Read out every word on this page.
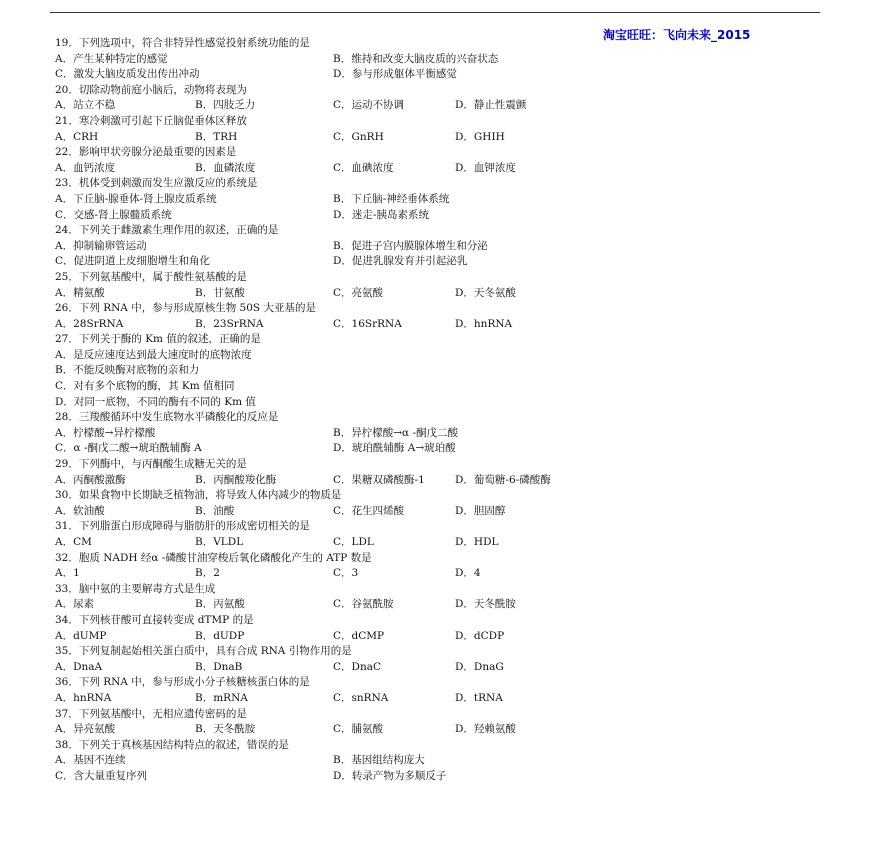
淘宝旺旺：飞向未来_2015
19．下列选项中，符合非特异性感觉投射系统功能的是
A．产生某种特定的感觉	B．维持和改变大脑皮质的兴奋状态
C．激发大脑皮质发出传出冲动	D．参与形成躯体平衡感觉
20．切除动物前庭小脑后，动物将表现为
A．站立不稳	B．四肢乏力	C．运动不协调	D．静止性震颤
21．寒冷刺激可引起下丘脑促垂体区释放
A．CRH	B．TRH	C．GnRH	D．GHIH
22．影响甲状旁腺分泌最重要的因素是
A．血钙浓度	B．血磷浓度	C．血碘浓度	D．血钾浓度
23．机体受到刺激而发生应激反应的系统是
A．下丘脑-腺垂体-肾上腺皮质系统	B．下丘脑-神经垂体系统
C．交感-肾上腺髓质系统	D．迷走-胰岛素系统
24．下列关于雌激素生理作用的叙述，正确的是
A．抑制输卵管运动	B．促进子宫内膜腺体增生和分泌
C．促进阴道上皮细胞增生和角化	D．促进乳腺发育并引起泌乳
25．下列氨基酸中，属于酸性氨基酸的是
A．精氨酸	B．甘氨酸	C．亮氨酸	D．天冬氨酸
26．下列 RNA 中，参与形成原核生物 50S 大亚基的是
A．28SrRNA	B．23SrRNA	C．16SrRNA	D．hnRNA
27．下列关于酶的 Km 值的叙述，正确的是
A．是反应速度达到最大速度时的底物浓度
B．不能反映酶对底物的亲和力
C．对有多个底物的酶，其 Km 值相同
D．对同一底物，不同的酶有不同的 Km 值
28．三羧酸循环中发生底物水平磷酸化的反应是
A．柠檬酸→异柠檬酸	B．异柠檬酸→α -酮戊二酸
C．α -酮戊二酸→琥珀酰辅酶 A	D．琥珀酰辅酶 A→琥珀酸
29．下列酶中，与丙酮酸生成糖无关的是
A．丙酮酸激酶	B．丙酮酸羧化酶	C．果糖双磷酸酶-1	D．葡萄糖-6-磷酸酶
30．如果食物中长期缺乏植物油，将导致人体内减少的物质是
A．软油酸	B．油酸	C．花生四烯酸	D．胆固醇
31．下列脂蛋白形成障碍与脂肪肝的形成密切相关的是
A．CM	B．VLDL	C．LDL	D．HDL
32．胞质 NADH 经α -磷酸甘油穿梭后氧化磷酸化产生的 ATP 数是
A．1	B．2	C．3	D．4
33．脑中氨的主要解毒方式是生成
A．尿素	B．丙氨酸	C．谷氨酰胺	D．天冬酰胺
34．下列核苷酸可直接转变成 dTMP 的是
A．dUMP	B．dUDP	C．dCMP	D．dCDP
35．下列复制起始相关蛋白质中，具有合成 RNA 引物作用的是
A．DnaA	B．DnaB	C．DnaC	D．DnaG
36．下列 RNA 中，参与形成小分子核糖核蛋白体的是
A．hnRNA	B．mRNA	C．snRNA	D．tRNA
37．下列氨基酸中，无相应遗传密码的是
A．异亮氨酸	B．天冬酰胺	C．脯氨酸	D．羟赖氨酸
38．下列关于真核基因结构特点的叙述，错误的是
A．基因不连续	B．基因组结构庞大
C．含大量重复序列	D．转录产物为多顺反子
